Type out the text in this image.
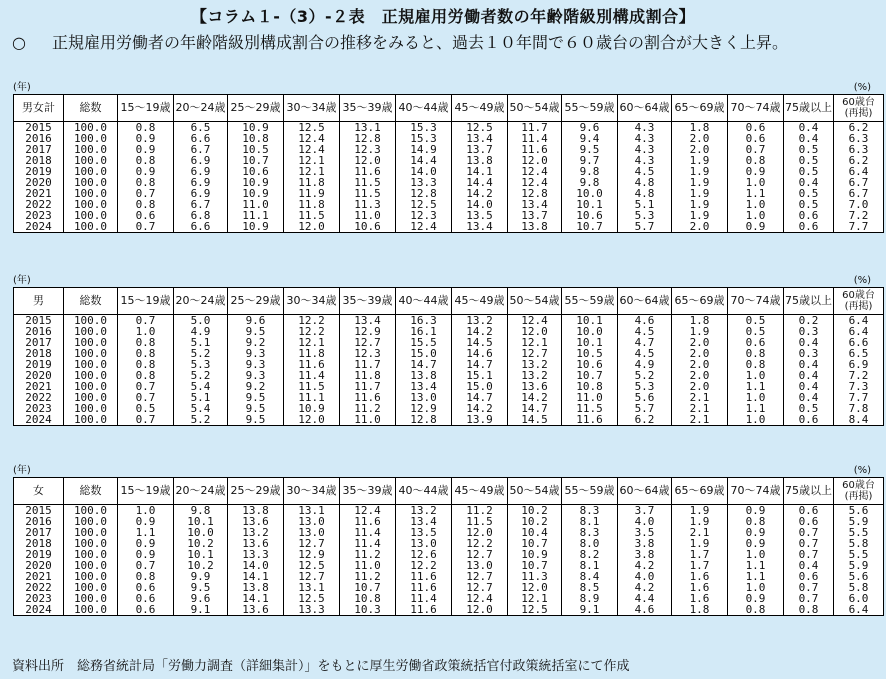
【コラム１-（3）-２表　正規雇用労働者数の年齢階級別構成割合】
○ 正規雇用労働者の年齢階級別構成割合の推移をみると、過去１０年間で６０歳台の割合が大きく上昇。
(年)	(%)
男女計	総数	15～19歳	20～24歳	25～29歳	30～34歳	35～39歳	40～44歳	45～49歳	50～54歳	55～59歳	60～64歳	65～69歳	70～74歳	75歳以上	60歳台
(再掲)

2015	100.0	0.8	6.5	10.9	12.5	13.1	15.3	12.5	11.7	9.6	4.3	1.8	0.6	0.4	6.2
2016	100.0	0.9	6.6	10.8	12.4	12.8	15.3	13.4	11.4	9.4	4.3	2.0	0.6	0.4	6.3
2017	100.0	0.9	6.7	10.5	12.4	12.3	14.9	13.7	11.6	9.5	4.3	2.0	0.7	0.5	6.3
2018	100.0	0.8	6.9	10.7	12.1	12.0	14.4	13.8	12.0	9.7	4.3	1.9	0.8	0.5	6.2
2019	100.0	0.9	6.9	10.6	12.1	11.6	14.0	14.1	12.4	9.8	4.5	1.9	0.9	0.5	6.4
2020	100.0	0.8	6.9	10.9	11.8	11.5	13.3	14.4	12.4	9.8	4.8	1.9	1.0	0.4	6.7
2021	100.0	0.7	6.9	10.9	11.9	11.5	12.8	14.2	12.8	10.0	4.8	1.9	1.1	0.5	6.7
2022	100.0	0.8	6.7	11.0	11.8	11.3	12.5	14.0	13.4	10.1	5.1	1.9	1.0	0.5	7.0
2023	100.0	0.6	6.8	11.1	11.5	11.0	12.3	13.5	13.7	10.6	5.3	1.9	1.0	0.6	7.2
2024	100.0	0.7	6.6	10.9	12.0	10.6	12.4	13.4	13.8	10.7	5.7	2.0	0.9	0.6	7.7
(年)	(%)
男	総数	15～19歳	20～24歳	25～29歳	30～34歳	35～39歳	40～44歳	45～49歳	50～54歳	55～59歳	60～64歳	65～69歳	70～74歳	75歳以上	60歳台
(再掲)

2015	100.0	0.7	5.0	9.6	12.2	13.4	16.3	13.2	12.4	10.1	4.6	1.8	0.5	0.2	6.4
2016	100.0	1.0	4.9	9.5	12.2	12.9	16.1	14.2	12.0	10.0	4.5	1.9	0.5	0.3	6.4
2017	100.0	0.8	5.1	9.2	12.1	12.7	15.5	14.5	12.1	10.1	4.7	2.0	0.6	0.4	6.6
2018	100.0	0.8	5.2	9.3	11.8	12.3	15.0	14.6	12.7	10.5	4.5	2.0	0.8	0.3	6.5
2019	100.0	0.8	5.3	9.3	11.6	11.7	14.7	14.7	13.2	10.6	4.9	2.0	0.8	0.4	6.9
2020	100.0	0.8	5.2	9.3	11.4	11.8	13.8	15.1	13.2	10.7	5.2	2.0	1.0	0.4	7.2
2021	100.0	0.7	5.4	9.2	11.5	11.7	13.4	15.0	13.6	10.8	5.3	2.0	1.1	0.4	7.3
2022	100.0	0.7	5.1	9.5	11.1	11.6	13.0	14.7	14.2	11.0	5.6	2.1	1.0	0.4	7.7
2023	100.0	0.5	5.4	9.5	10.9	11.2	12.9	14.2	14.7	11.5	5.7	2.1	1.1	0.5	7.8
2024	100.0	0.7	5.2	9.5	12.0	11.0	12.8	13.9	14.5	11.6	6.2	2.1	1.0	0.6	8.4
(年)	(%)
女	総数	15～19歳	20～24歳	25～29歳	30～34歳	35～39歳	40～44歳	45～49歳	50～54歳	55～59歳	60～64歳	65～69歳	70～74歳	75歳以上	60歳台
(再掲)

2015	100.0	1.0	9.8	13.8	13.1	12.4	13.2	11.2	10.2	8.3	3.7	1.9	0.9	0.6	5.6
2016	100.0	0.9	10.1	13.6	13.0	11.6	13.4	11.5	10.2	8.1	4.0	1.9	0.8	0.6	5.9
2017	100.0	1.1	10.0	13.2	13.0	11.4	13.5	12.0	10.4	8.3	3.5	2.1	0.9	0.7	5.5
2018	100.0	0.9	10.2	13.6	12.7	11.4	13.0	12.2	10.7	8.0	3.8	1.9	0.9	0.7	5.8
2019	100.0	0.9	10.1	13.3	12.9	11.2	12.6	12.7	10.9	8.2	3.8	1.7	1.0	0.7	5.5
2020	100.0	0.7	10.2	14.0	12.5	11.0	12.2	13.0	10.7	8.1	4.2	1.7	1.1	0.4	5.9
2021	100.0	0.8	9.9	14.1	12.7	11.2	11.6	12.7	11.3	8.4	4.0	1.6	1.1	0.6	5.6
2022	100.0	0.6	9.5	13.8	13.1	10.7	11.6	12.7	12.0	8.5	4.2	1.6	1.0	0.7	5.8
2023	100.0	0.6	9.6	14.1	12.5	10.8	11.4	12.4	12.1	8.9	4.4	1.6	0.9	0.7	6.0
2024	100.0	0.6	9.1	13.6	13.3	10.3	11.6	12.0	12.5	9.1	4.6	1.8	0.8	0.8	6.4
資料出所　総務省統計局「労働力調査（詳細集計）」をもとに厚生労働省政策統括官付政策統括室にて作成
